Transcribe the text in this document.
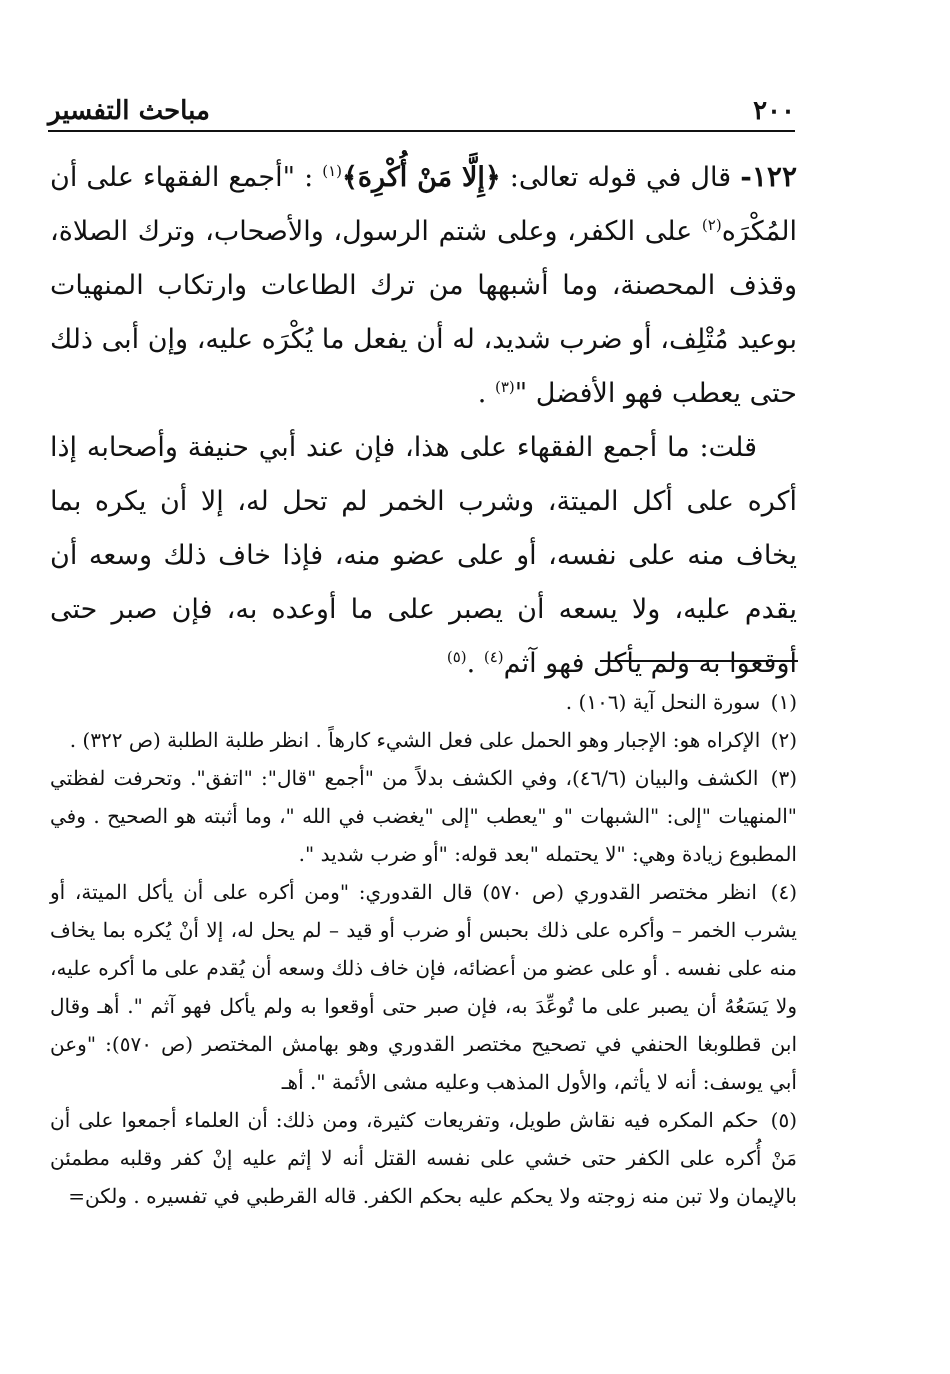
٢٠٠
مباحث التفسير

١٢٢- قال في قوله تعالى: ﴿إِلَّا مَنْ أُكْرِهَ﴾$^{(١)}$ : "أجمع الفقهاء على أن المُكْرَه$^{(٢)}$ على الكفر، وعلى شتم الرسول، والأصحاب، وترك الصلاة، وقذف المحصنة، وما أشبهها من ترك الطاعات وارتكاب المنهيات بوعيد مُتْلِف، أو ضرب شديد، له أن يفعل ما يُكْرَه عليه، وإن أبى ذلك حتى يعطب فهو الأفضل "$^{(٣)}$ .

قلت: ما أجمع الفقهاء على هذا، فإن عند أبي حنيفة وأصحابه إذا أكره على أكل الميتة، وشرب الخمر لم تحل له، إلا أن يكره بما يخاف منه على نفسه، أو على عضو منه، فإذا خاف ذلك وسعه أن يقدم عليه، ولا يسعه أن يصبر على ما أوعده به، فإن صبر حتى أوقعوا به ولم يأكل فهو آثم$^{(٤)}$ .$^{(٥)}$

(١) سورة النحل آية (١٠٦) .

(٢) الإكراه هو: الإجبار وهو الحمل على فعل الشيء كارهاً . انظر طلبة الطلبة (ص ٣٢٢) .

(٣) الكشف والبيان (٤٦/٦)، وفي الكشف بدلاً من "أجمع "قال": "اتفق". وتحرفت لفظتي "المنهيات "إلى: "الشبهات "و "يعطب "إلى "يغضب في الله "، وما أثبته هو الصحيح . وفي المطبوع زيادة وهي: "لا يحتمله "بعد قوله: "أو ضرب شديد ".

(٤) انظر مختصر القدوري (ص ٥٧٠) قال القدوري: "ومن أكره على أن يأكل الميتة، أو يشرب الخمر – وأكره على ذلك بحبس أو ضرب أو قيد – لم يحل له، إلا أنْ يُكره بما يخاف منه على نفسه . أو على عضو من أعضائه، فإن خاف ذلك وسعه أن يُقدم على ما أكره عليه، ولا يَسَعُهُ أن يصبر على ما تُوعِّدَ به، فإن صبر حتى أوقعوا به ولم يأكل فهو آثم ". أهـ وقال ابن قطلوبغا الحنفي في تصحيح مختصر القدوري وهو بهامش المختصر (ص ٥٧٠): "وعن أبي يوسف: أنه لا يأثم، والأول المذهب وعليه مشى الأئمة ". أهـ

(٥) حكم المكره فيه نقاش طويل، وتفريعات كثيرة، ومن ذلك: أن العلماء أجمعوا على أن مَنْ أُكره على الكفر حتى خشي على نفسه القتل أنه لا إثم عليه إنْ كفر وقلبه مطمئن بالإيمان ولا تبن منه زوجته ولا يحكم عليه بحكم الكفر. قاله القرطبي في تفسيره . ولكن=
